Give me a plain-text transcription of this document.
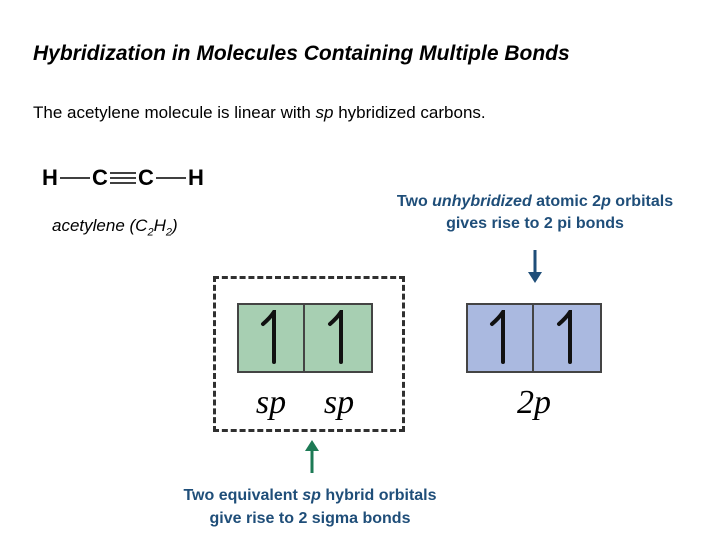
Hybridization in Molecules Containing Multiple Bonds
The acetylene molecule is linear with sp hybridized carbons.
H C C H
acetylene $(C_2H_2)$
Two unhybridized atomic 2p orbitals
gives rise to 2 pi bonds
sp	sp	2p
Two equivalent sp hybrid orbitals
give rise to 2 sigma bonds
